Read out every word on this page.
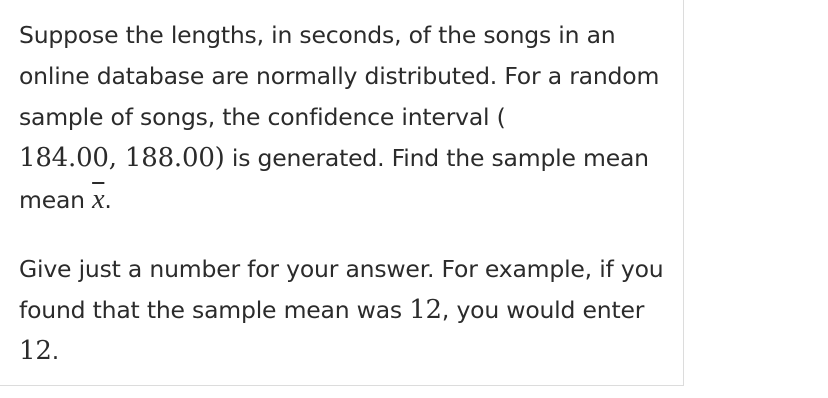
Suppose the lengths, in seconds, of the songs in an online database are normally distributed. For a random sample of songs, the confidence interval (
184.00, 188.00) is generated. Find the sample mean
mean $\overline{x}$.

Give just a number for your answer. For example, if you found that the sample mean was 12, you would enter 12.
